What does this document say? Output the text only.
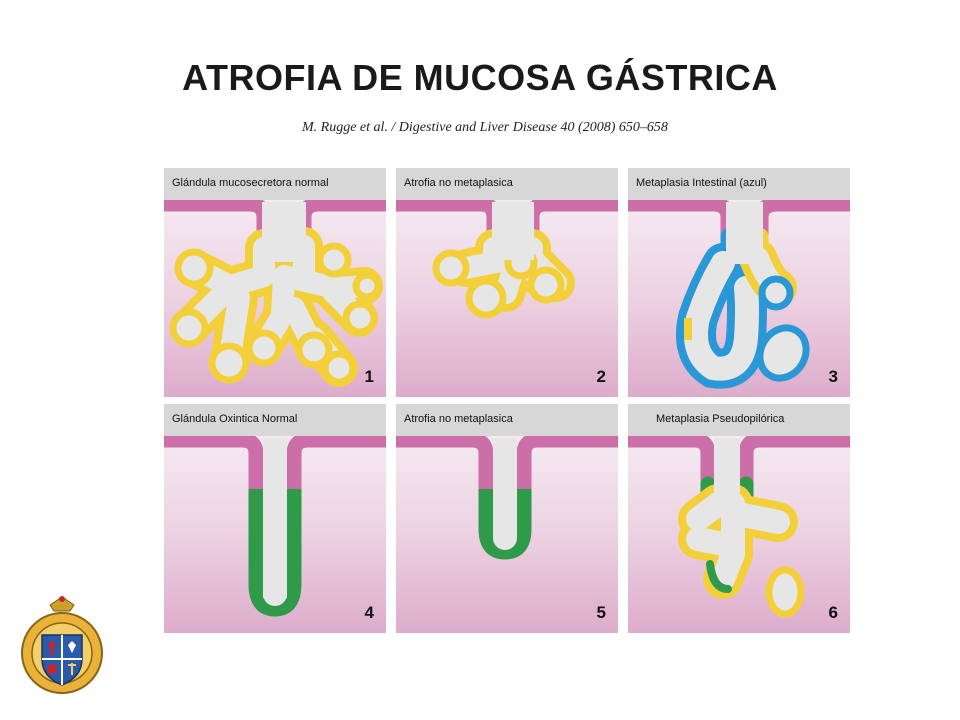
ATROFIA DE MUCOSA GÁSTRICA
M. Rugge et al. / Digestive and Liver Disease 40 (2008) 650–658
Glándula mucosecretora normal
1
Atrofia no metaplasica
2
Metaplasia Intestinal (azul)
3
Glándula Oxintica Normal
4
Atrofia no metaplasica
5
Metaplasia Pseudopilórica
6
